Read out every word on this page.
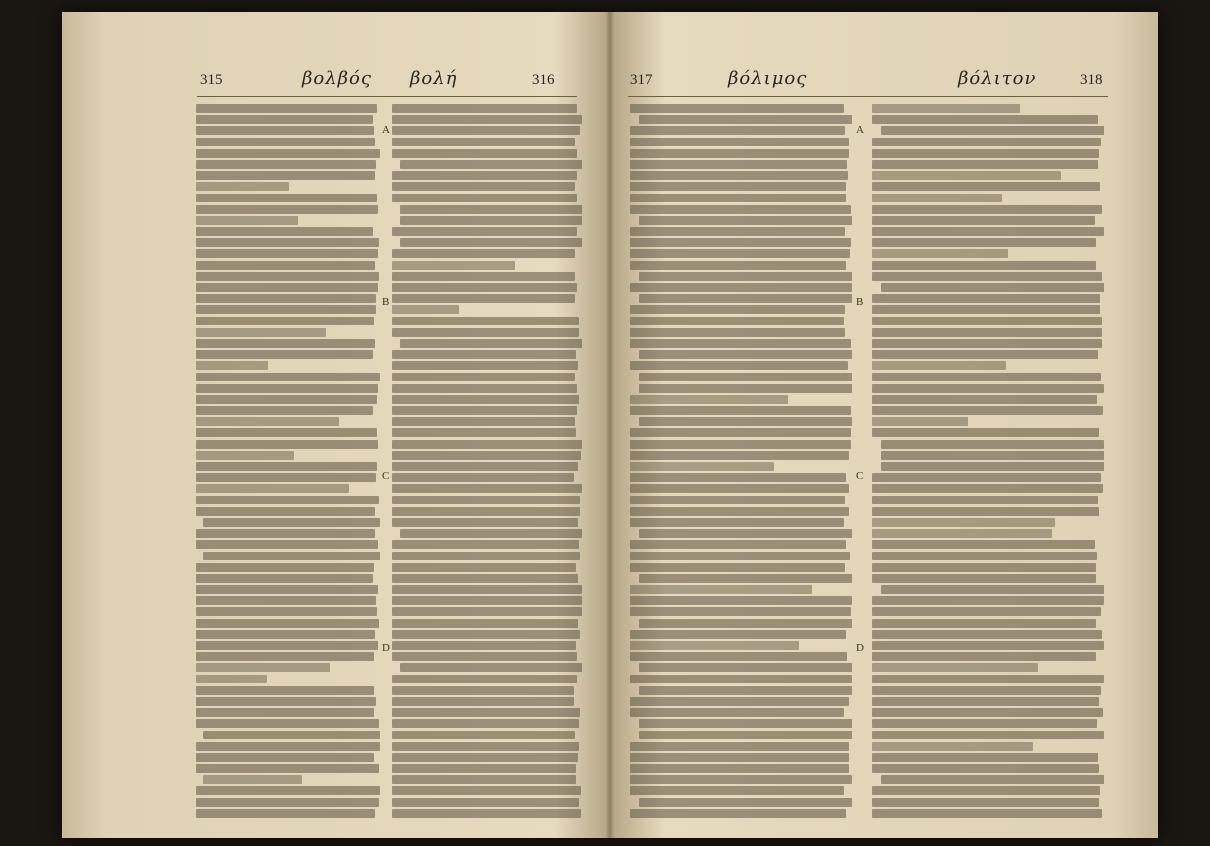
315	βολβός βολή	316
A
B
C
D
317	βόλιμος	βόλιτον	318
A
B
C
D
